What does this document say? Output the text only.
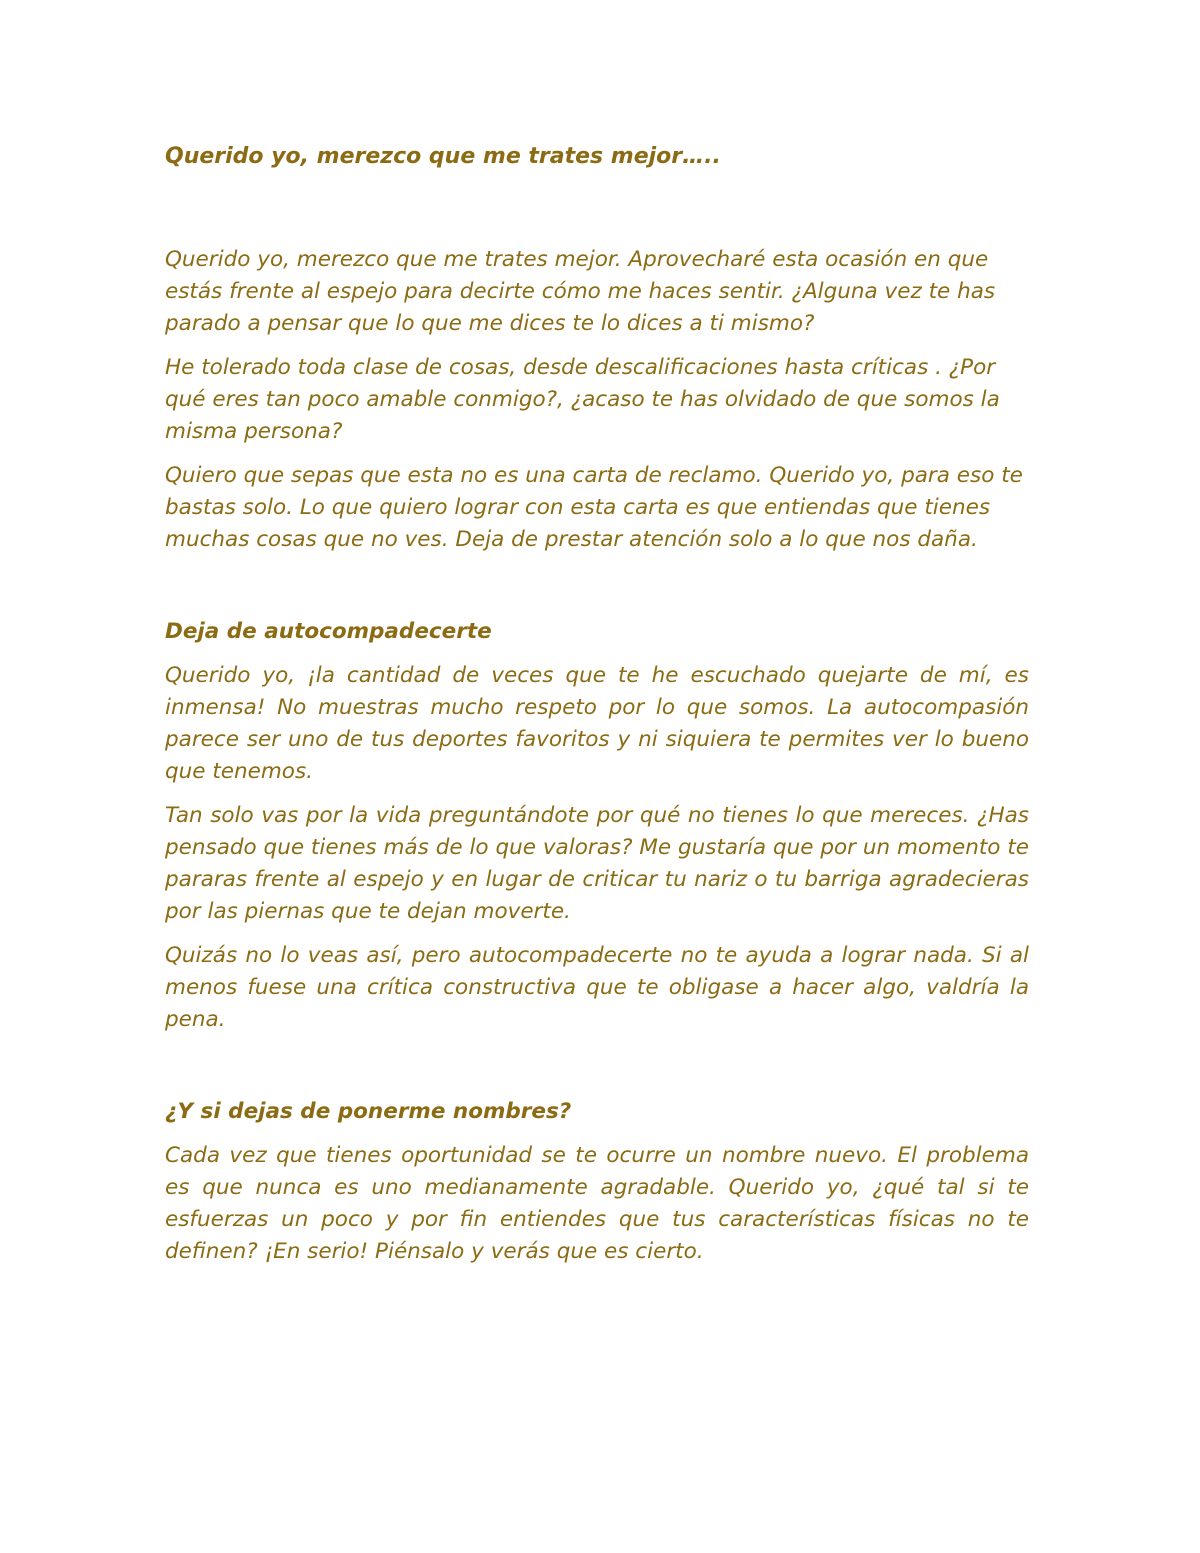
Querido yo, merezco que me trates mejor…..

Querido yo, merezco que me trates mejor. Aprovecharé esta ocasión en que estás frente al espejo para decirte cómo me haces sentir. ¿Alguna vez te has parado a pensar que lo que me dices te lo dices a ti mismo?

He tolerado toda clase de cosas, desde descalificaciones hasta críticas . ¿Por qué eres tan poco amable conmigo?, ¿acaso te has olvidado de que somos la misma persona?

Quiero que sepas que esta no es una carta de reclamo. Querido yo, para eso te bastas solo. Lo que quiero lograr con esta carta es que entiendas que tienes muchas cosas que no ves. Deja de prestar atención solo a lo que nos daña.

Deja de autocompadecerte

Querido yo, ¡la cantidad de veces que te he escuchado quejarte de mí, es inmensa! No muestras mucho respeto por lo que somos. La autocompasión parece ser uno de tus deportes favoritos y ni siquiera te permites ver lo bueno que tenemos.

Tan solo vas por la vida preguntándote por qué no tienes lo que mereces. ¿Has pensado que tienes más de lo que valoras? Me gustaría que por un momento te pararas frente al espejo y en lugar de criticar tu nariz o tu barriga agradecieras por las piernas que te dejan moverte.

Quizás no lo veas así, pero autocompadecerte no te ayuda a lograr nada. Si al menos fuese una crítica constructiva que te obligase a hacer algo, valdría la pena.

¿Y si dejas de ponerme nombres?

Cada vez que tienes oportunidad se te ocurre un nombre nuevo. El problema es que nunca es uno medianamente agradable. Querido yo, ¿qué tal si te esfuerzas un poco y por fin entiendes que tus características físicas no te definen? ¡En serio! Piénsalo y verás que es cierto.
